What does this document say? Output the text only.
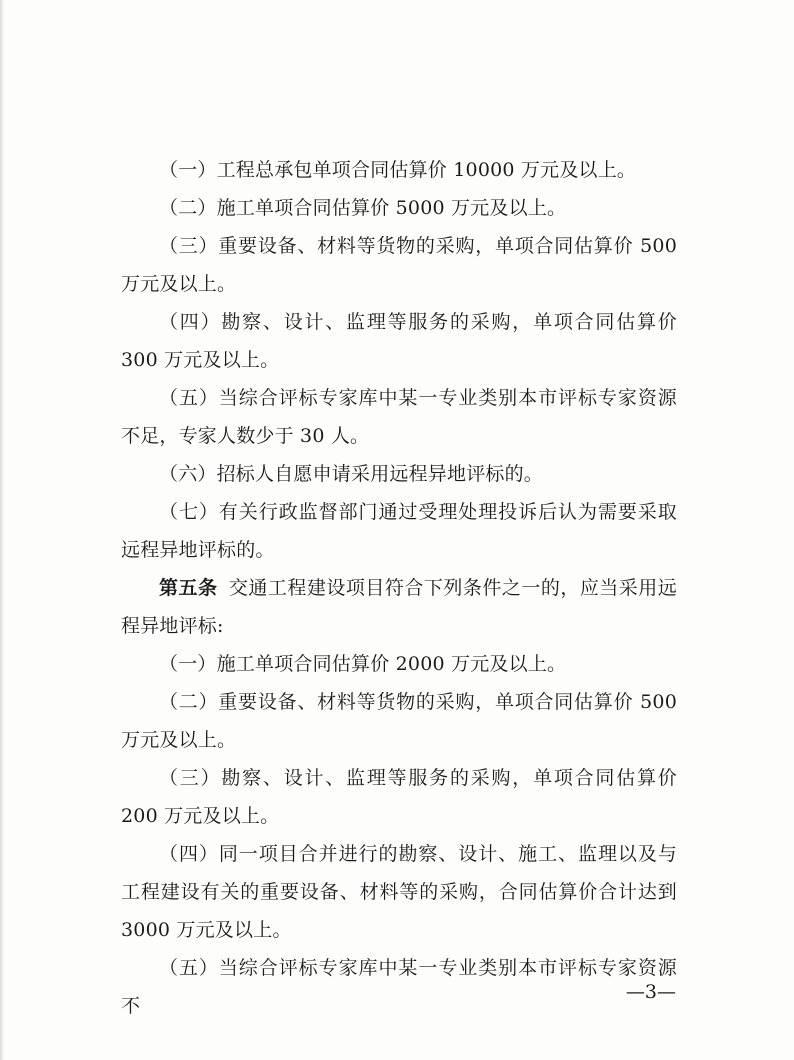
（一）工程总承包单项合同估算价 10000 万元及以上。

（二）施工单项合同估算价 5000 万元及以上。

（三）重要设备、材料等货物的采购，单项合同估算价 500 万元及以上。

（四）勘察、设计、监理等服务的采购，单项合同估算价 300 万元及以上。

（五）当综合评标专家库中某一专业类别本市评标专家资源不足，专家人数少于 30 人。

（六）招标人自愿申请采用远程异地评标的。

（七）有关行政监督部门通过受理处理投诉后认为需要采取远程异地评标的。

第五条 交通工程建设项目符合下列条件之一的，应当采用远程异地评标:

（一）施工单项合同估算价 2000 万元及以上。

（二）重要设备、材料等货物的采购，单项合同估算价 500 万元及以上。

（三）勘察、设计、监理等服务的采购，单项合同估算价 200 万元及以上。

（四）同一项目合并进行的勘察、设计、施工、监理以及与工程建设有关的重要设备、材料等的采购，合同估算价合计达到 3000 万元及以上。

（五）当综合评标专家库中某一专业类别本市评标专家资源不

—3—
